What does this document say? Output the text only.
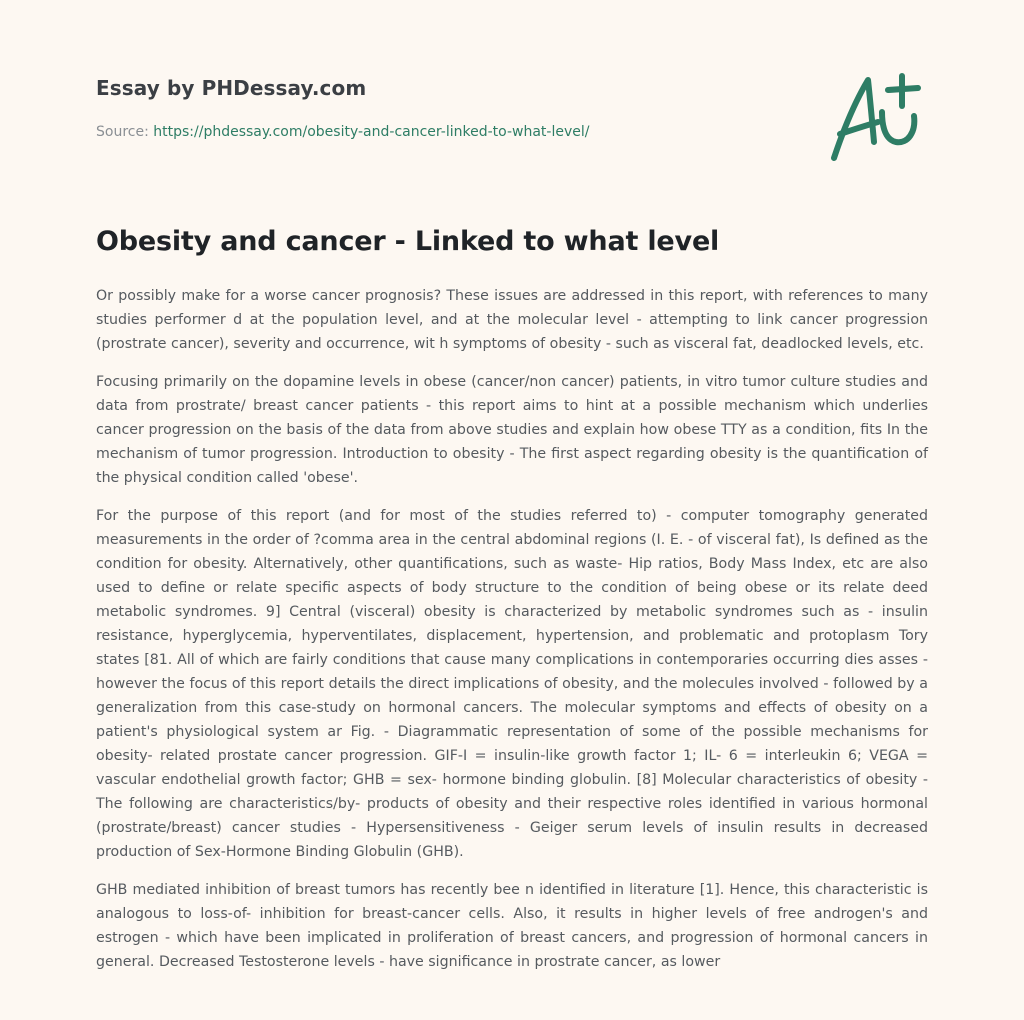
Essay by PHDessay.com
Source: https://phdessay.com/obesity-and-cancer-linked-to-what-level/
Obesity and cancer - Linked to what level

Or possibly make for a worse cancer prognosis? These issues are addressed in this report, with references to many studies performer d at the population level, and at the molecular level - attempting to link cancer progression (prostrate cancer), severity and occurrence, wit h symptoms of obesity - such as visceral fat, deadlocked levels, etc.

Focusing primarily on the dopamine levels in obese (cancer/non cancer) patients, in vitro tumor culture studies and data from prostrate/ breast cancer patients - this report aims to hint at a possible mechanism which underlies cancer progression on the basis of the data from above studies and explain how obese TTY as a condition, fits In the mechanism of tumor progression. Introduction to obesity - The first aspect regarding obesity is the quantification of the physical condition called 'obese'.

For the purpose of this report (and for most of the studies referred to) - computer tomography generated measurements in the order of ?comma area in the central abdominal regions (I. E. - of visceral fat), Is defined as the condition for obesity. Alternatively, other quantifications, such as waste- Hip ratios, Body Mass Index, etc are also used to define or relate specific aspects of body structure to the condition of being obese or its relate deed metabolic syndromes. 9] Central (visceral) obesity is characterized by metabolic syndromes such as - insulin resistance, hyperglycemia, hyperventilates, displacement, hypertension, and problematic and protoplasm Tory states [81. All of which are fairly conditions that cause many complications in contemporaries occurring dies asses - however the focus of this report details the direct implications of obesity, and the molecules involved - followed by a generalization from this case-study on hormonal cancers. The molecular symptoms and effects of obesity on a patient's physiological system ar Fig. - Diagrammatic representation of some of the possible mechanisms for obesity- related prostate cancer progression. GIF-I = insulin-like growth factor 1; IL- 6 = interleukin 6; VEGA = vascular endothelial growth factor; GHB = sex- hormone binding globulin. [8] Molecular characteristics of obesity - The following are characteristics/by- products of obesity and their respective roles identified in various hormonal (prostrate/breast) cancer studies - Hypersensitiveness - Geiger serum levels of insulin results in decreased production of Sex-Hormone Binding Globulin (GHB).

GHB mediated inhibition of breast tumors has recently bee n identified in literature [1]. Hence, this characteristic is analogous to loss-of- inhibition for breast-cancer cells. Also, it results in higher levels of free androgen's and estrogen - which have been implicated in proliferation of breast cancers, and progression of hormonal cancers in general. Decreased Testosterone levels - have significance in prostrate cancer, as lower
